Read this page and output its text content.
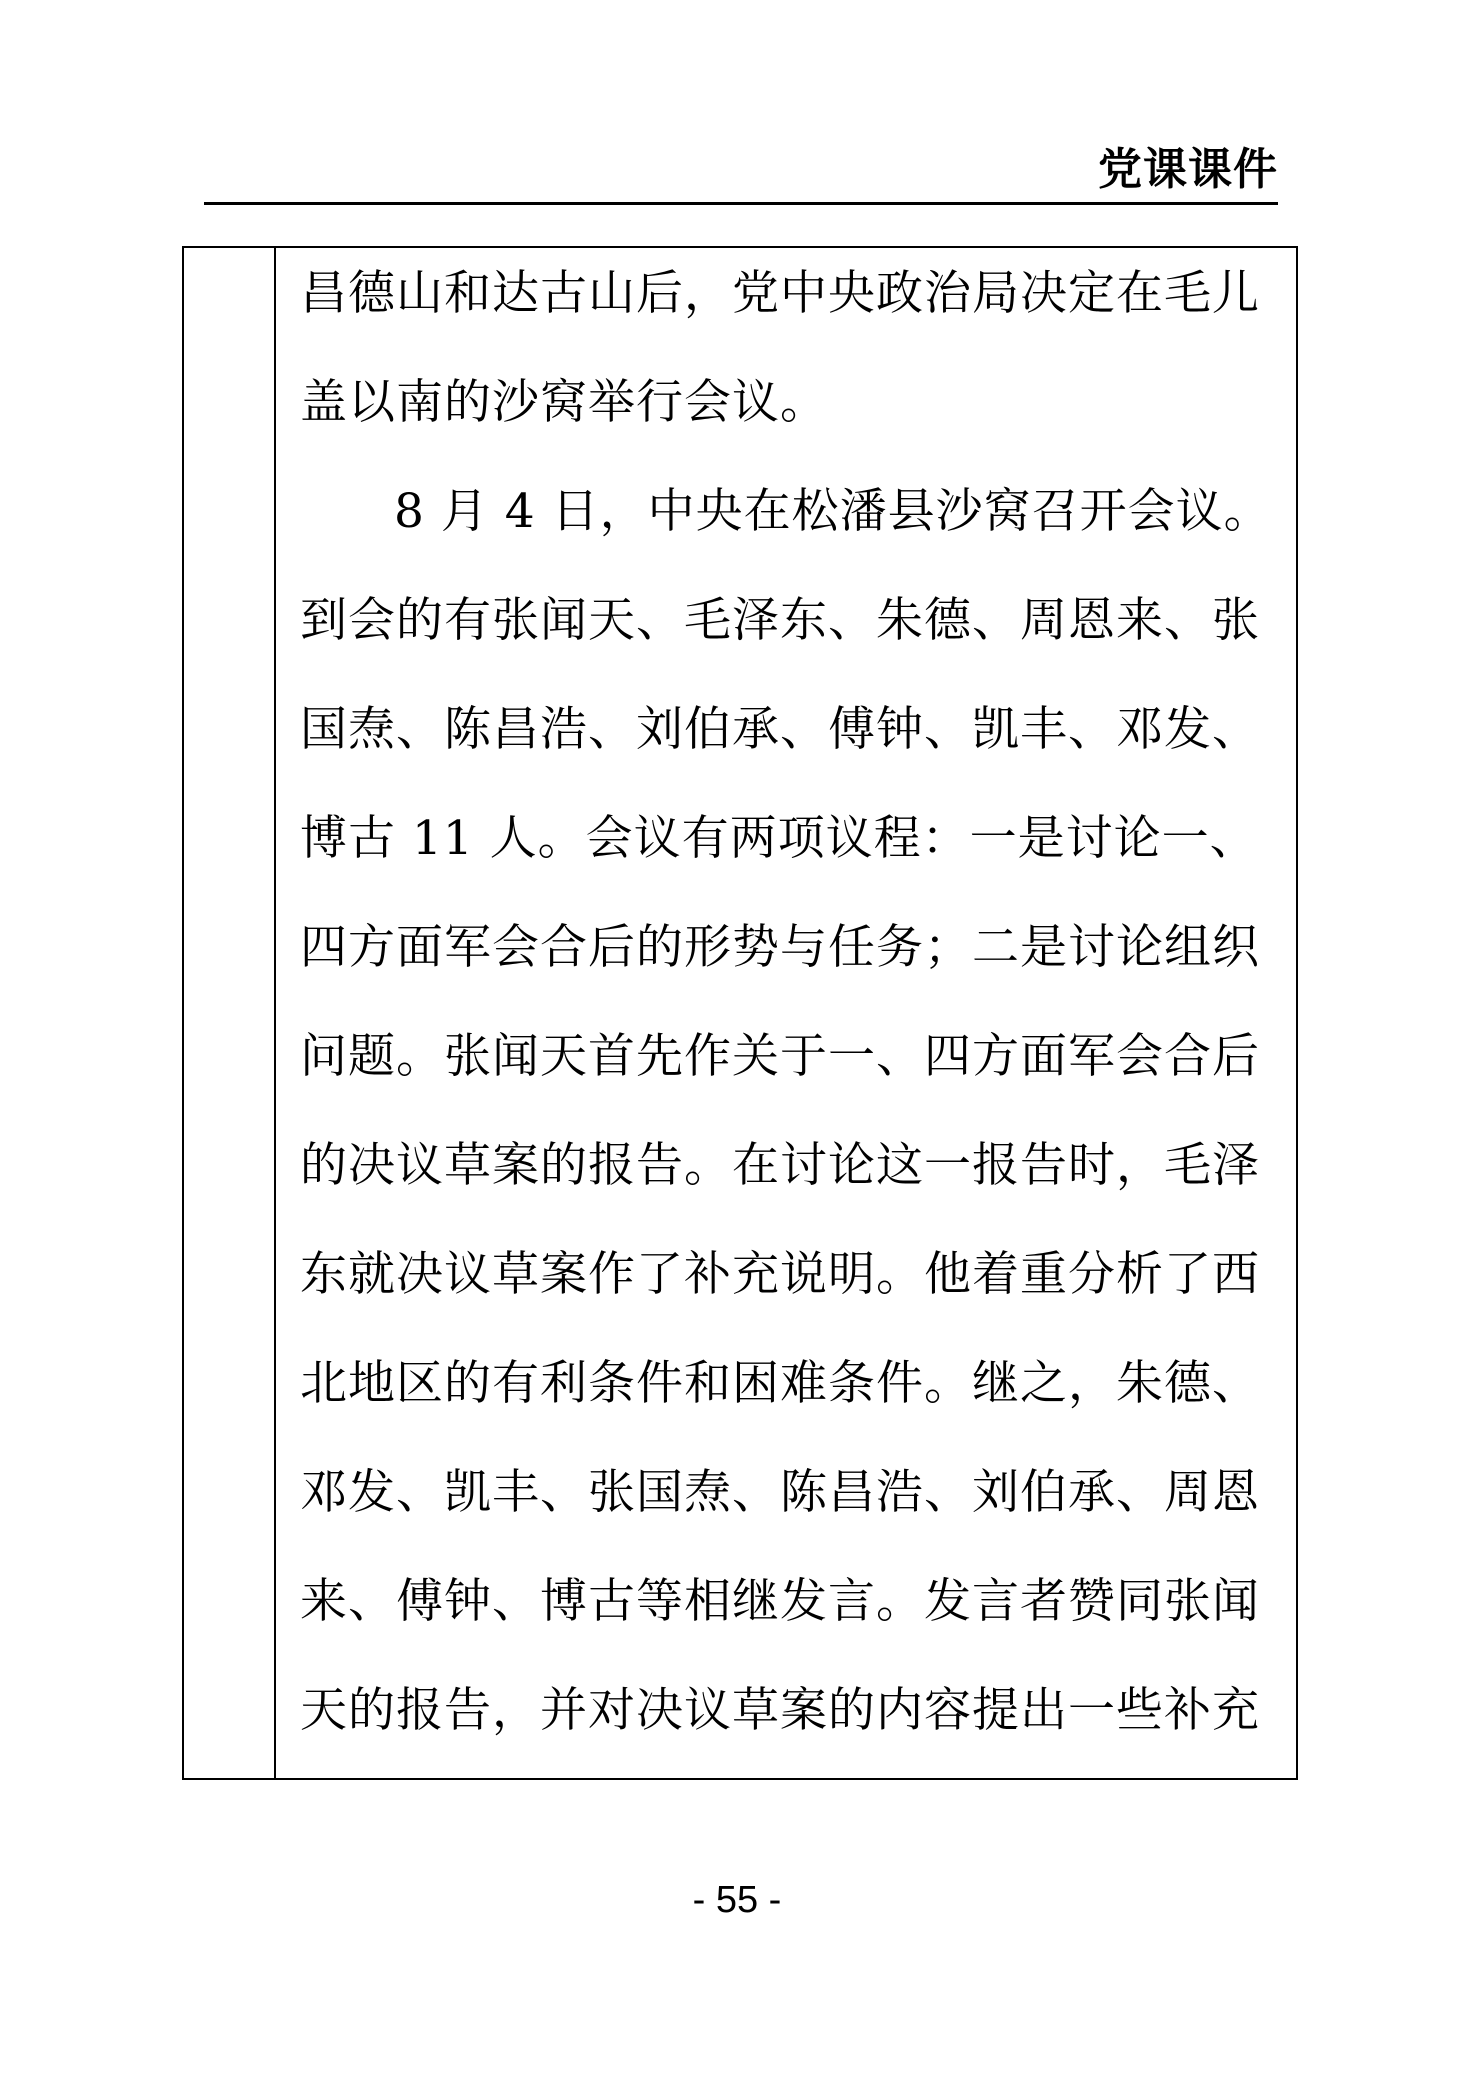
党课课件
昌德山和达古山后，党中央政治局决定在毛儿
盖以南的沙窝举行会议。
8 月 4 日，中央在松潘县沙窝召开会议。
到会的有张闻天、毛泽东、朱德、周恩来、张
国焘、陈昌浩、刘伯承、傅钟、凯丰、邓发、
博古 11 人。会议有两项议程：一是讨论一、
四方面军会合后的形势与任务；二是讨论组织
问题。张闻天首先作关于一、四方面军会合后
的决议草案的报告。在讨论这一报告时，毛泽
东就决议草案作了补充说明。他着重分析了西
北地区的有利条件和困难条件。继之，朱德、
邓发、凯丰、张国焘、陈昌浩、刘伯承、周恩
来、傅钟、博古等相继发言。发言者赞同张闻
天的报告，并对决议草案的内容提出一些补充
- 55 -
